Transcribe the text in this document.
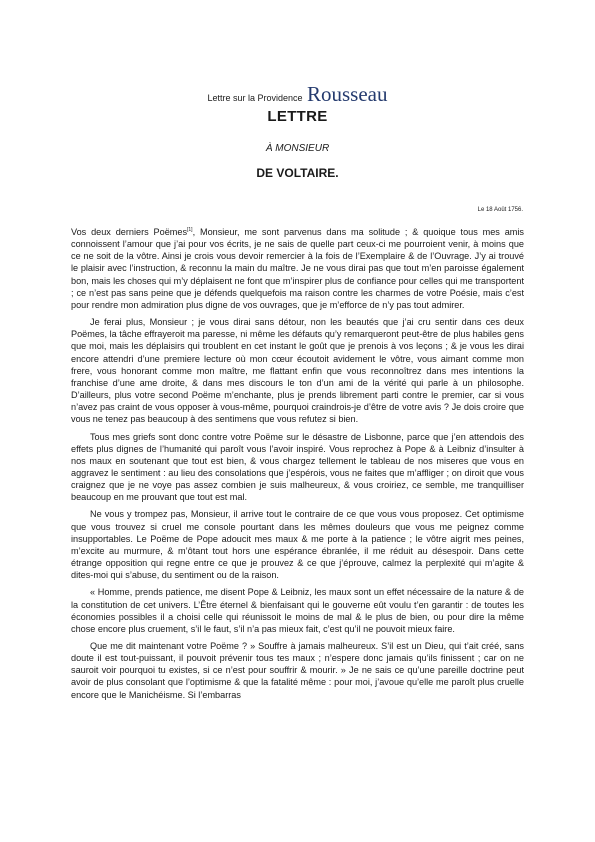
Lettre sur la Providence Rousseau
LETTRE
À MONSIEUR
DE VOLTAIRE.
Le 18 Août 1756.

Vos deux derniers Poëmes[1], Monsieur, me sont parvenus dans ma solitude ; & quoique tous mes amis connoissent l’amour que j’ai pour vos écrits, je ne sais de quelle part ceux-ci me pourroient venir, à moins que ce ne soit de la vôtre. Ainsi je crois vous devoir remercier à la fois de l’Exemplaire & de l’Ouvrage. J’y ai trouvé le plaisir avec l’instruction, & reconnu la main du maître. Je ne vous dirai pas que tout m’en paroisse également bon, mais les choses qui m’y déplaisent ne font que m’inspirer plus de confiance pour celles qui me transportent ; ce n’est pas sans peine que je défends quelquefois ma raison contre les charmes de votre Poésie, mais c’est pour rendre mon admiration plus digne de vos ouvrages, que je m’efforce de n’y pas tout admirer.

Je ferai plus, Monsieur ; je vous dirai sans détour, non les beautés que j’ai cru sentir dans ces deux Poëmes, la tâche effrayeroit ma paresse, ni même les défauts qu’y remarqueront peut-être de plus habiles gens que moi, mais les déplaisirs qui troublent en cet instant le goût que je prenois à vos leçons ; & je vous les dirai encore attendri d’une premiere lecture où mon cœur écoutoit avidement le vôtre, vous aimant comme mon frere, vous honorant comme mon maître, me flattant enfin que vous reconnoîtrez dans mes intentions la franchise d’une ame droite, & dans mes discours le ton d’un ami de la vérité qui parle à un philosophe. D’ailleurs, plus votre second Poëme m’enchante, plus je prends librement parti contre le premier, car si vous n’avez pas craint de vous opposer à vous-même, pourquoi craindrois-je d’être de votre avis ? Je dois croire que vous ne tenez pas beaucoup à des sentimens que vous refutez si bien.

Tous mes griefs sont donc contre votre Poëme sur le désastre de Lisbonne, parce que j’en attendois des effets plus dignes de l’humanité qui paroît vous l’avoir inspiré. Vous reprochez à Pope & à Leibniz d’insulter à nos maux en soutenant que tout est bien, & vous chargez tellement le tableau de nos miseres que vous en aggravez le sentiment : au lieu des consolations que j’espérois, vous ne faites que m’affliger ; on diroit que vous craignez que je ne voye pas assez combien je suis malheureux, & vous croiriez, ce semble, me tranquilliser beaucoup en me prouvant que tout est mal.

Ne vous y trompez pas, Monsieur, il arrive tout le contraire de ce que vous vous proposez. Cet optimisme que vous trouvez si cruel me console pourtant dans les mêmes douleurs que vous me peignez comme insupportables. Le Poëme de Pope adoucit mes maux & me porte à la patience ; le vôtre aigrit mes peines, m’excite au murmure, & m’ôtant tout hors une espérance ébranlée, il me réduit au désespoir. Dans cette étrange opposition qui regne entre ce que je prouvez & ce que j’éprouve, calmez la perplexité qui m’agite & dites-moi qui s’abuse, du sentiment ou de la raison.

« Homme, prends patience, me disent Pope & Leibniz, les maux sont un effet nécessaire de la nature & de la constitution de cet univers. L’Être éternel & bienfaisant qui le gouverne eût voulu t’en garantir : de toutes les économies possibles il a choisi celle qui réunissoit le moins de mal & le plus de bien, ou pour dire la même chose encore plus cruement, s’il le faut, s’il n’a pas mieux fait, c’est qu’il ne pouvoit mieux faire.

Que me dit maintenant votre Poëme ? » Souffre à jamais malheureux. S’il est un Dieu, qui t’ait créé, sans doute il est tout-puissant, il pouvoit prévenir tous tes maux ; n’espere donc jamais qu’ils finissent ; car on ne sauroit voir pourquoi tu existes, si ce n’est pour souffrir & mourir. » Je ne sais ce qu’une pareille doctrine peut avoir de plus consolant que l’optimisme & que la fatalité même : pour moi, j’avoue qu’elle me paroît plus cruelle encore que le Manichéisme. Si l’embarras
